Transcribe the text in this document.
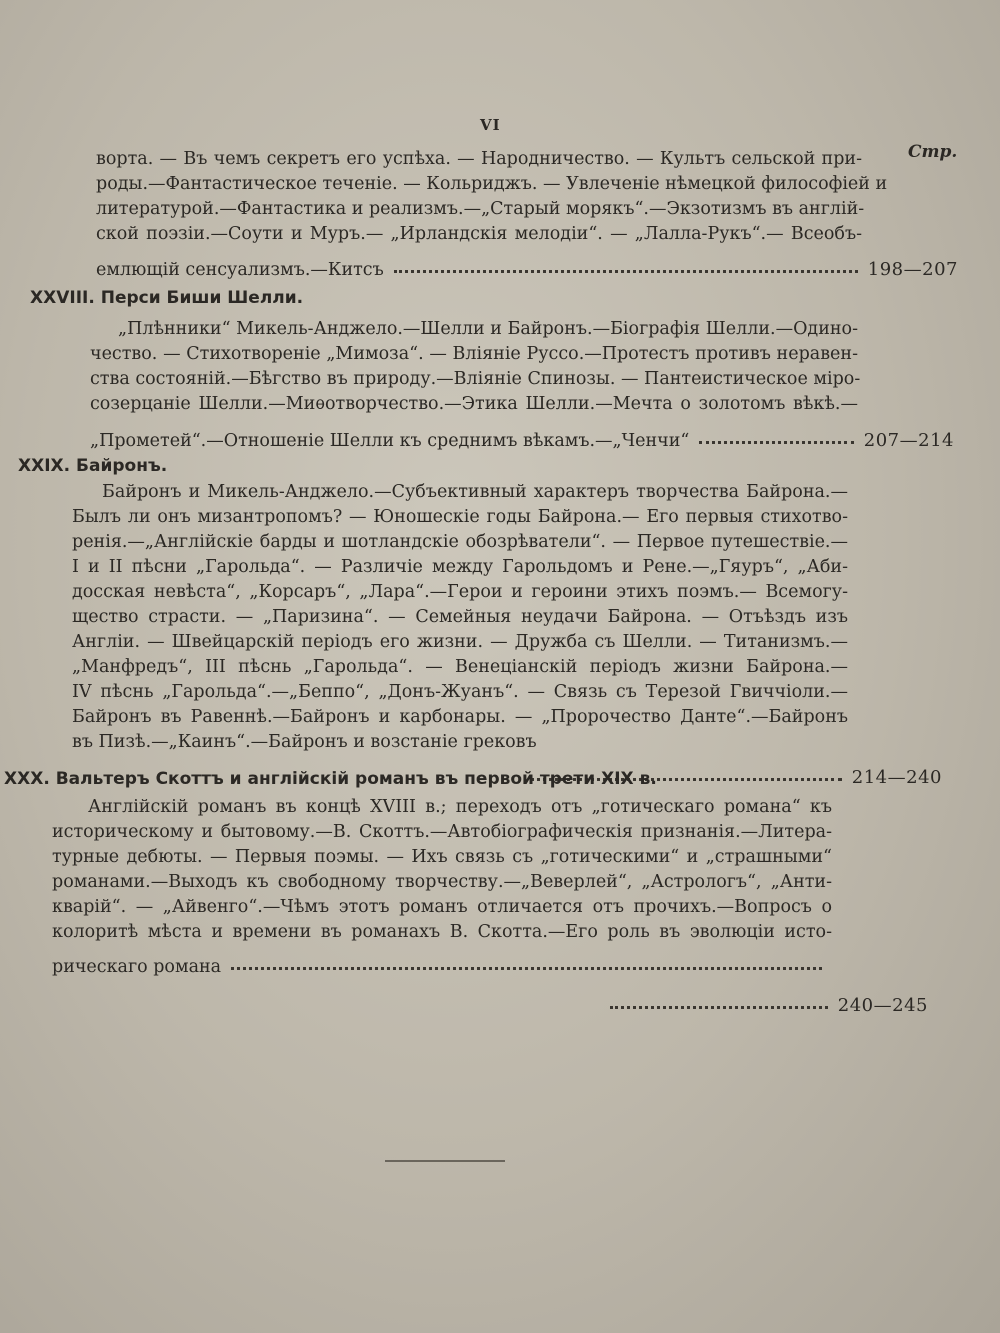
VI
Стр.
ворта. — Въ чемъ секретъ его успѣха. — Народничество. — Культъ сельской при-
роды.—Фантастическое теченіе. — Кольриджъ. — Увлеченіе нѣмецкой философіей и
литературой.—Фантастика и реализмъ.—„Старый морякъ“.—Экзотизмъ въ англій-
ской поэзіи.—Соути и Муръ.— „Ирландскія мелодіи“. — „Лалла-Рукъ“.— Всеобъ-
емлющій сенсуализмъ.—Китсъ	198—207
XXVIII. Перси Биши Шелли.
„Плѣнники“ Микель-Анджело.—Шелли и Байронъ.—Біографія Шелли.—Одино-
чество. — Стихотвореніе „Мимоза“. — Вліяніе Руссо.—Протестъ противъ неравен-
ства состояній.—Бѣгство въ природу.—Вліяніе Спинозы. — Пантеистическое міро-
созерцаніе Шелли.—Миѳотворчество.—Этика Шелли.—Мечта о золотомъ вѣкѣ.—
„Прометей“.—Отношеніе Шелли къ среднимъ вѣкамъ.—„Ченчи“	207—214
XXIX. Байронъ.
Байронъ и Микель-Анджело.—Субъективный характеръ творчества Байрона.—
Былъ ли онъ мизантропомъ? — Юношескіе годы Байрона.— Его первыя стихотво-
ренія.—„Англійскіе барды и шотландскіе обозрѣватели“. — Первое путешествіе.—
I и II пѣсни „Гарольда“. — Различіе между Гарольдомъ и Рене.—„Гяуръ“, „Аби-
досская невѣста“, „Корсаръ“, „Лара“.—Герои и героини этихъ поэмъ.— Всемогу-
щество страсти. — „Паризина“. — Семейныя неудачи Байрона. — Отъѣздъ изъ
Англіи. — Швейцарскій періодъ его жизни. — Дружба съ Шелли. — Титанизмъ.—
„Манфредъ“, III пѣснь „Гарольда“. — Венеціанскій періодъ жизни Байрона.—
IV пѣснь „Гарольда“.—„Беппо“, „Донъ-Жуанъ“. — Связь съ Терезой Гвиччіоли.—
Байронъ въ Равеннѣ.—Байронъ и карбонары. — „Пророчество Данте“.—Байронъ
въ Пизѣ.—„Каинъ“.—Байронъ и возстаніе грековъ
214—240
XXX. Вальтеръ Скоттъ и англійскій романъ въ первой трети XIX в.
Англійскій романъ въ концѣ XVIII в.; переходъ отъ „готическаго романа“ къ
историческому и бытовому.—В. Скоттъ.—Автобіографическія признанія.—Литера-
турные дебюты. — Первыя поэмы. — Ихъ связь съ „готическими“ и „страшными“
романами.—Выходъ къ свободному творчеству.—„Веверлей“, „Астрологъ“, „Анти-
кварій“. — „Айвенго“.—Чѣмъ этотъ романъ отличается отъ прочихъ.—Вопросъ о
колоритѣ мѣста и времени въ романахъ В. Скотта.—Его роль въ эволюціи исто-
рическаго романа
240—245
